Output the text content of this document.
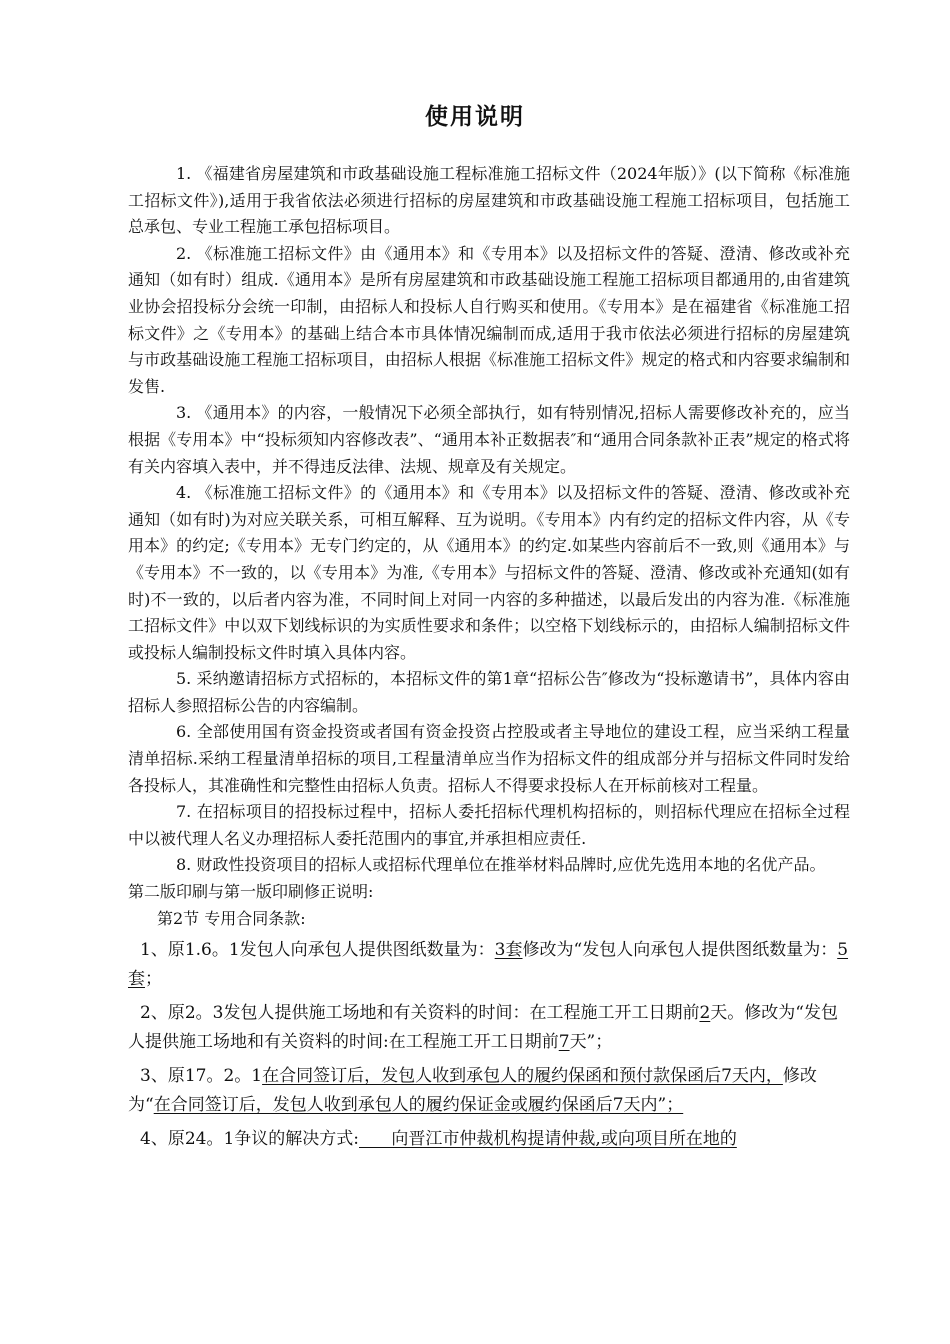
使用说明

1. 《福建省房屋建筑和市政基础设施工程标准施工招标文件（2024年版）》(以下简称《标准施工招标文件》),适用于我省依法必须进行招标的房屋建筑和市政基础设施工程施工招标项目，包括施工总承包、专业工程施工承包招标项目。

2. 《标准施工招标文件》由《通用本》和《专用本》以及招标文件的答疑、澄清、修改或补充通知（如有时）组成.《通用本》是所有房屋建筑和市政基础设施工程施工招标项目都通用的,由省建筑业协会招投标分会统一印制，由招标人和投标人自行购买和使用。《专用本》是在福建省《标准施工招标文件》之《专用本》的基础上结合本市具体情况编制而成,适用于我市依法必须进行招标的房屋建筑与市政基础设施工程施工招标项目，由招标人根据《标准施工招标文件》规定的格式和内容要求编制和发售.

3. 《通用本》的内容，一般情况下必须全部执行，如有特别情况,招标人需要修改补充的，应当根据《专用本》中“投标须知内容修改表”、“通用本补正数据表″和“通用合同条款补正表”规定的格式将有关内容填入表中，并不得违反法律、法规、规章及有关规定。

4. 《标准施工招标文件》的《通用本》和《专用本》以及招标文件的答疑、澄清、修改或补充通知（如有时)为对应关联关系，可相互解释、互为说明。《专用本》内有约定的招标文件内容，从《专用本》的约定;《专用本》无专门约定的，从《通用本》的约定.如某些内容前后不一致,则《通用本》与《专用本》不一致的，以《专用本》为准,《专用本》与招标文件的答疑、澄清、修改或补充通知(如有时)不一致的，以后者内容为准，不同时间上对同一内容的多种描述，以最后发出的内容为准.《标准施工招标文件》中以双下划线标识的为实质性要求和条件；以空格下划线标示的，由招标人编制招标文件或投标人编制投标文件时填入具体内容。

5. 采纳邀请招标方式招标的，本招标文件的第1章“招标公告″修改为“投标邀请书”，具体内容由招标人参照招标公告的内容编制。

6. 全部使用国有资金投资或者国有资金投资占控股或者主导地位的建设工程，应当采纳工程量清单招标.采纳工程量清单招标的项目,工程量清单应当作为招标文件的组成部分并与招标文件同时发给各投标人，其准确性和完整性由招标人负责。招标人不得要求投标人在开标前核对工程量。

7. 在招标项目的招投标过程中，招标人委托招标代理机构招标的，则招标代理应在招标全过程中以被代理人名义办理招标人委托范围内的事宜,并承担相应责任.

8. 财政性投资项目的招标人或招标代理单位在推举材料品牌时,应优先选用本地的名优产品。

第二版印刷与第一版印刷修正说明:

第2节 专用合同条款:

1、原1.6。1发包人向承包人提供图纸数量为：3套修改为“发包人向承包人提供图纸数量为：5套；

2、原2。3发包人提供施工场地和有关资料的时间：在工程施工开工日期前2天。修改为“发包人提供施工场地和有关资料的时间:在工程施工开工日期前7天”；

3、原17。2。1在合同签订后，发包人收到承包人的履约保函和预付款保函后7天内，修改为“在合同签订后，发包人收到承包人的履约保证金或履约保函后7天内”；

4、原24。1争议的解决方式:      向晋江市仲裁机构提请仲裁,或向项目所在地的
